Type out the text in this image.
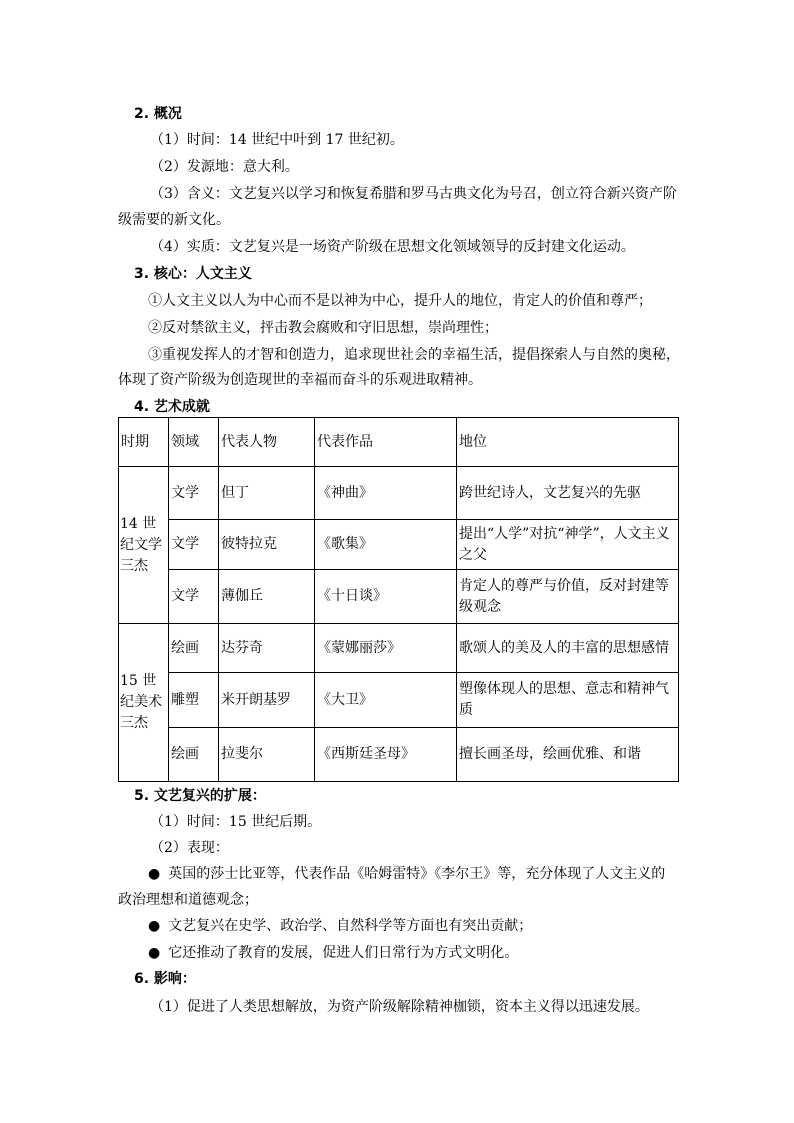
2. 概况
（1）时间：14 世纪中叶到 17 世纪初。
（2）发源地：意大利。
（3）含义：文艺复兴以学习和恢复希腊和罗马古典文化为号召，创立符合新兴资产阶
级需要的新文化。
（4）实质：文艺复兴是一场资产阶级在思想文化领域领导的反封建文化运动。
3. 核心：人文主义
①人文主义以人为中心而不是以神为中心，提升人的地位，肯定人的价值和尊严；
②反对禁欲主义，抨击教会腐败和守旧思想，崇尚理性；
③重视发挥人的才智和创造力，追求现世社会的幸福生活，提倡探索人与自然的奥秘，
体现了资产阶级为创造现世的幸福而奋斗的乐观进取精神。
4. 艺术成就
时期	领域	代表人物	代表作品	地位
14 世纪文学三杰	文学	但丁	《神曲》	跨世纪诗人，文艺复兴的先驱
	文学	彼特拉克	《歌集》	提出“人学”对抗“神学”，人文主义之父
	文学	薄伽丘	《十日谈》	肯定人的尊严与价值，反对封建等级观念
15 世纪美术三杰	绘画	达芬奇	《蒙娜丽莎》	歌颂人的美及人的丰富的思想感情
	雕塑	米开朗基罗	《大卫》	塑像体现人的思想、意志和精神气质
	绘画	拉斐尔	《西斯廷圣母》	擅长画圣母，绘画优雅、和谐
5. 文艺复兴的扩展：
（1）时间：15 世纪后期。
（2）表现：
● 英国的莎士比亚等，代表作品《哈姆雷特》《李尔王》等，充分体现了人文主义的
政治理想和道德观念；
● 文艺复兴在史学、政治学、自然科学等方面也有突出贡献；
● 它还推动了教育的发展，促进人们日常行为方式文明化。
6. 影响：
（1）促进了人类思想解放，为资产阶级解除精神枷锁，资本主义得以迅速发展。
